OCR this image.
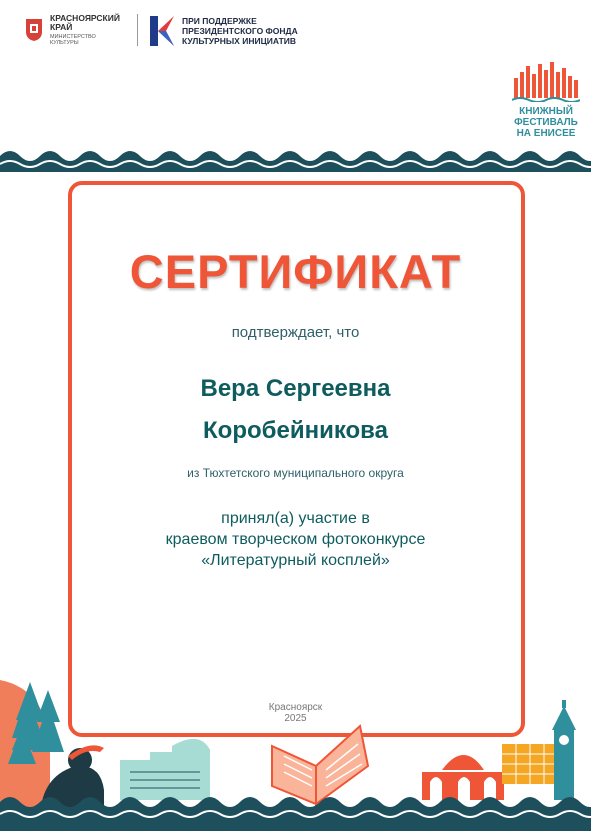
КРАСНОЯРСКИЙ
КРАЙ
МИНИСТЕРСТВО
КУЛЬТУРЫ
ПРИ ПОДДЕРЖКЕ
ПРЕЗИДЕНТСКОГО ФОНДА
КУЛЬТУРНЫХ ИНИЦИАТИВ
КНИЖНЫЙ
ФЕСТИВАЛЬ
НА ЕНИСЕЕ
СЕРТИФИКАТ
подтверждает, что
Вера Сергеевна
Коробейникова
из Тюхтетского муниципального округа
принял(а) участие в
краевом творческом фотоконкурсе
«Литературный косплей»
Красноярск
2025
